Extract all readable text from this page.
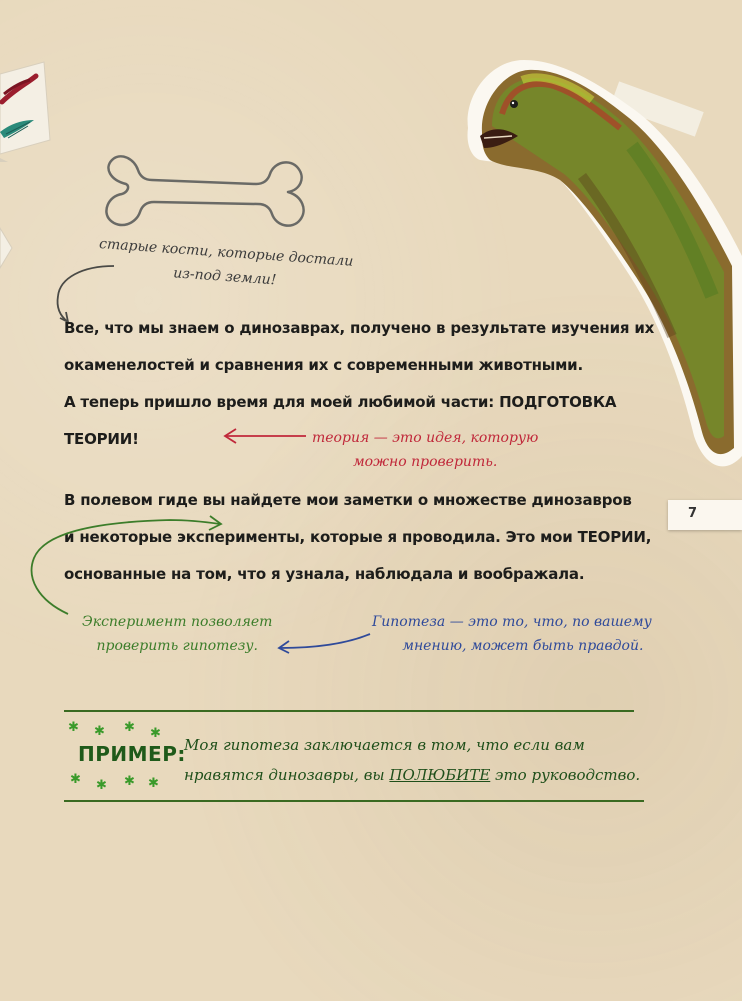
старые кости, которые достали
из-под земли!
Все, что мы знаем о динозаврах, получено в результате изучения их
окаменелостей и сравнения их с современными животными.
А теперь пришло время для моей любимой части: ПОДГОТОВКА
ТЕОРИИ!	теория — это идея, которую
можно проверить.
В полевом гиде вы найдете мои заметки о множестве динозавров
и некоторые эксперименты, которые я проводила. Это мои ТЕОРИИ,
основанные на том, что я узнала, наблюдала и воображала.
7
Эксперимент позволяет
проверить гипотезу.
Гипотеза — это то, что, по вашему
мнению, может быть правдой.
✱ ✱ ✱ ✱
✱ ✱ ✱ ✱
ПРИМЕР:
Моя гипотеза заключается в том, что если вам
нравятся динозавры, вы ПОЛЮБИТЕ это руководство.
